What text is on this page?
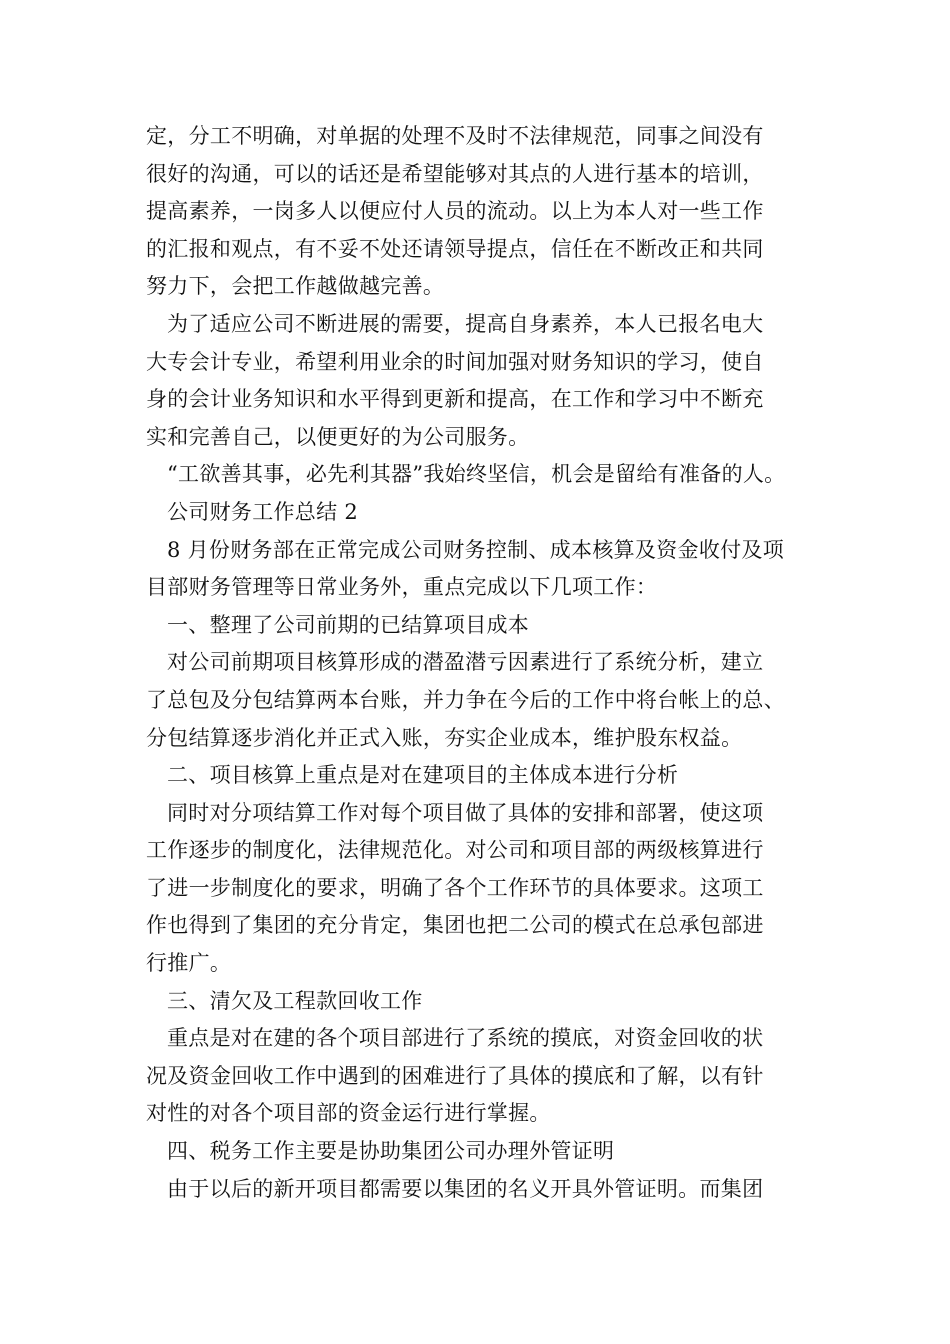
定，分工不明确，对单据的处理不及时不法律规范，同事之间没有
很好的沟通，可以的话还是希望能够对其点的人进行基本的培训，
提高素养，一岗多人以便应付人员的流动。以上为本人对一些工作
的汇报和观点，有不妥不处还请领导提点，信任在不断改正和共同
努力下，会把工作越做越完善。
为了适应公司不断进展的需要，提高自身素养，本人已报名电大
大专会计专业，希望利用业余的时间加强对财务知识的学习，使自
身的会计业务知识和水平得到更新和提高，在工作和学习中不断充
实和完善自己，以便更好的为公司服务。
“工欲善其事，必先利其器”我始终坚信，机会是留给有准备的人。
公司财务工作总结 2
8 月份财务部在正常完成公司财务控制、成本核算及资金收付及项
目部财务管理等日常业务外，重点完成以下几项工作：
一、整理了公司前期的已结算项目成本
对公司前期项目核算形成的潜盈潜亏因素进行了系统分析，建立
了总包及分包结算两本台账，并力争在今后的工作中将台帐上的总、
分包结算逐步消化并正式入账，夯实企业成本，维护股东权益。
二、项目核算上重点是对在建项目的主体成本进行分析
同时对分项结算工作对每个项目做了具体的安排和部署，使这项
工作逐步的制度化，法律规范化。对公司和项目部的两级核算进行
了进一步制度化的要求，明确了各个工作环节的具体要求。这项工
作也得到了集团的充分肯定，集团也把二公司的模式在总承包部进
行推广。
三、清欠及工程款回收工作
重点是对在建的各个项目部进行了系统的摸底，对资金回收的状
况及资金回收工作中遇到的困难进行了具体的摸底和了解，以有针
对性的对各个项目部的资金运行进行掌握。
四、税务工作主要是协助集团公司办理外管证明
由于以后的新开项目都需要以集团的名义开具外管证明。而集团
